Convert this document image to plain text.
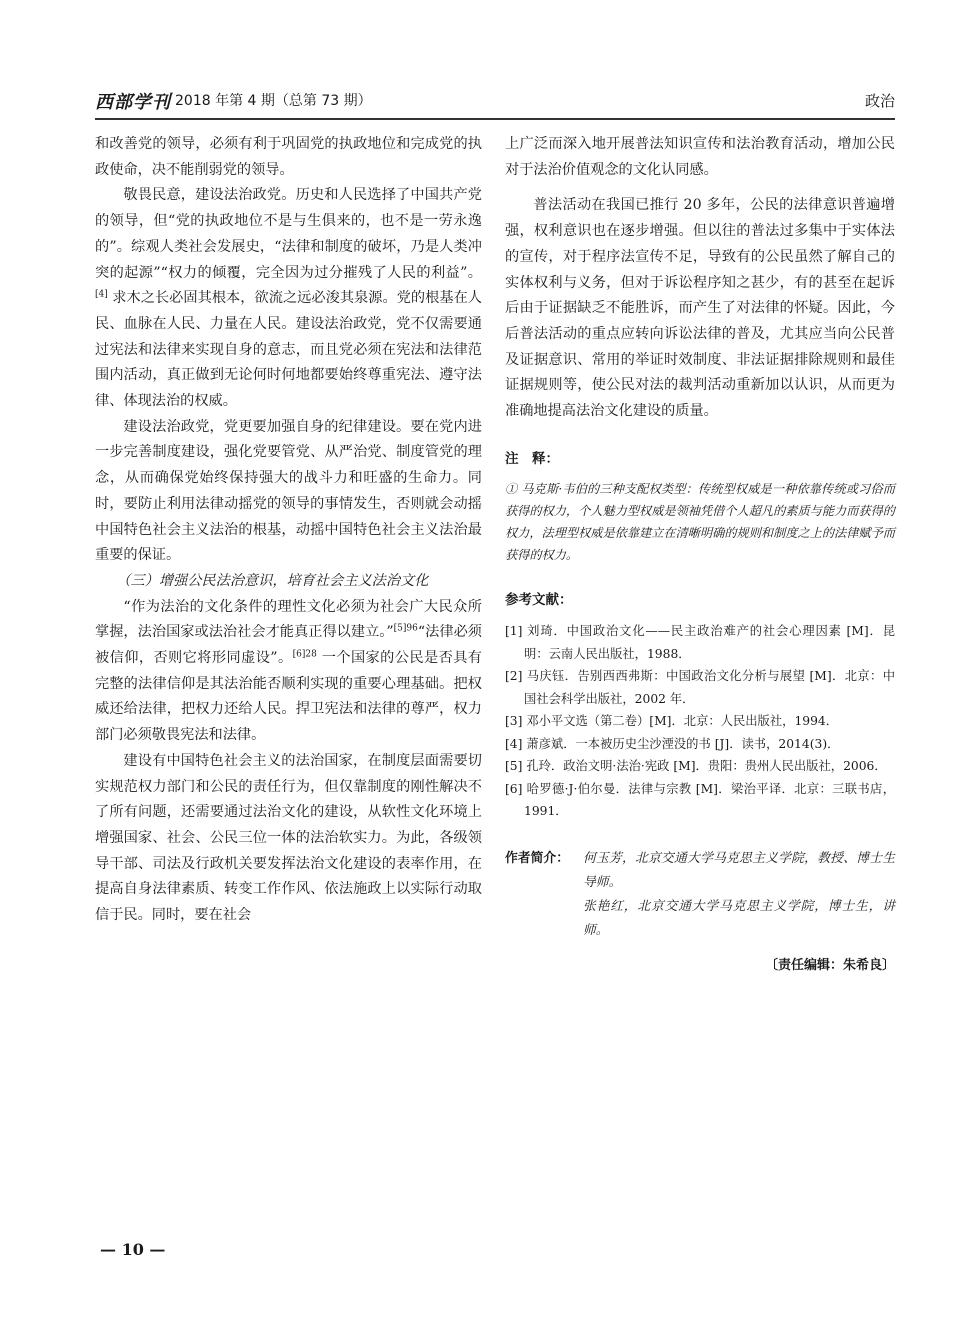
西部学刊 2018 年第 4 期（总第 73 期）	政治

和改善党的领导，必须有利于巩固党的执政地位和完成党的执政使命，决不能削弱党的领导。

敬畏民意，建设法治政党。历史和人民选择了中国共产党的领导，但“党的执政地位不是与生俱来的，也不是一劳永逸的”。综观人类社会发展史，“法律和制度的破坏，乃是人类冲突的起源”“权力的倾覆，完全因为过分摧残了人民的利益”。[4] 求木之长必固其根本，欲流之远必浚其泉源。党的根基在人民、血脉在人民、力量在人民。建设法治政党，党不仅需要通过宪法和法律来实现自身的意志，而且党必须在宪法和法律范围内活动，真正做到无论何时何地都要始终尊重宪法、遵守法律、体现法治的权威。

建设法治政党，党更要加强自身的纪律建设。要在党内进一步完善制度建设，强化党要管党、从严治党、制度管党的理念，从而确保党始终保持强大的战斗力和旺盛的生命力。同时，要防止利用法律动摇党的领导的事情发生，否则就会动摇中国特色社会主义法治的根基，动摇中国特色社会主义法治最重要的保证。

（三）增强公民法治意识，培育社会主义法治文化

“作为法治的文化条件的理性文化必须为社会广大民众所掌握，法治国家或法治社会才能真正得以建立。”$^{[5]96}$“法律必须被信仰，否则它将形同虚设”。$^{[6]28}$ 一个国家的公民是否具有完整的法律信仰是其法治能否顺利实现的重要心理基础。把权威还给法律，把权力还给人民。捍卫宪法和法律的尊严，权力部门必须敬畏宪法和法律。

建设有中国特色社会主义的法治国家，在制度层面需要切实规范权力部门和公民的责任行为，但仅靠制度的刚性解决不了所有问题，还需要通过法治文化的建设，从软性文化环境上增强国家、社会、公民三位一体的法治软实力。为此，各级领导干部、司法及行政机关要发挥法治文化建设的表率作用，在提高自身法律素质、转变工作作风、依法施政上以实际行动取信于民。同时，要在社会

上广泛而深入地开展普法知识宣传和法治教育活动，增加公民对于法治价值观念的文化认同感。

普法活动在我国已推行 20 多年，公民的法律意识普遍增强，权利意识也在逐步增强。但以往的普法过多集中于实体法的宣传，对于程序法宣传不足，导致有的公民虽然了解自己的实体权利与义务，但对于诉讼程序知之甚少，有的甚至在起诉后由于证据缺乏不能胜诉，而产生了对法律的怀疑。因此，今后普法活动的重点应转向诉讼法律的普及，尤其应当向公民普及证据意识、常用的举证时效制度、非法证据排除规则和最佳证据规则等，使公民对法的裁判活动重新加以认识，从而更为准确地提高法治文化建设的质量。

注　释：

① 马克斯·韦伯的三种支配权类型：传统型权威是一种依靠传统或习俗而获得的权力，个人魅力型权威是领袖凭借个人超凡的素质与能力而获得的权力，法理型权威是依靠建立在清晰明确的规则和制度之上的法律赋予而获得的权力。

参考文献：

[1] 刘琦．中国政治文化——民主政治难产的社会心理因素 [M]．昆明：云南人民出版社，1988．
[2] 马庆钰．告别西西弗斯：中国政治文化分析与展望 [M]．北京：中国社会科学出版社，2002 年．
[3] 邓小平文选（第二卷）[M]．北京：人民出版社，1994．
[4] 萧彦斌．一本被历史尘沙湮没的书 [J]．读书，2014(3)．
[5] 孔玲．政治文明·法治·宪政 [M]．贵阳：贵州人民出版社，2006．
[6] 哈罗德·J·伯尔曼．法律与宗教 [M]．梁治平译．北京：三联书店，1991．
作者简介：	何玉芳，北京交通大学马克思主义学院，教授、博士生导师。

张艳红，北京交通大学马克思主义学院，博士生，讲师。

〔责任编辑：朱希良〕
— 10 —
